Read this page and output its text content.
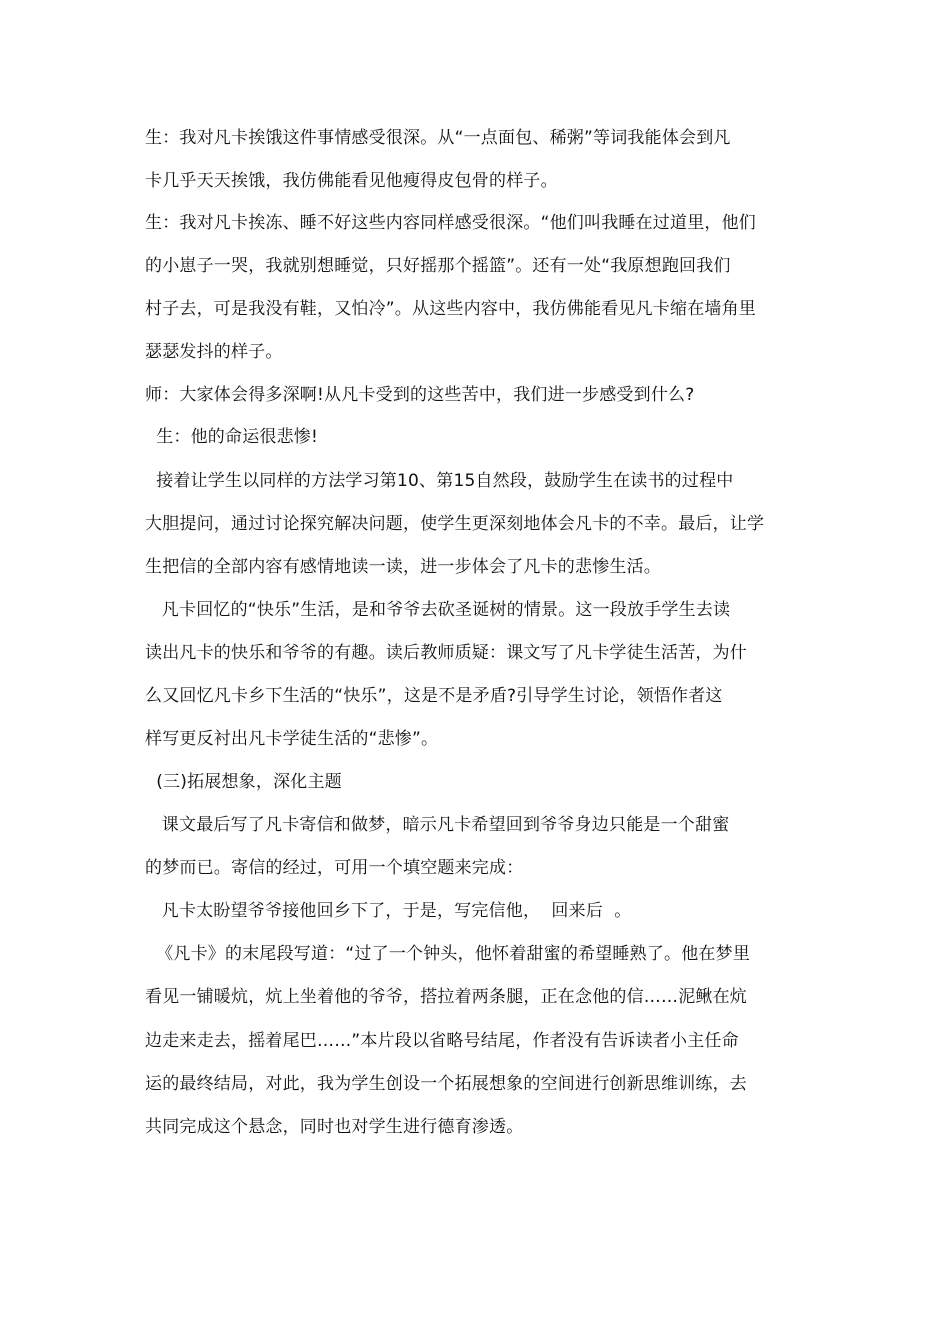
生：我对凡卡挨饿这件事情感受很深。从“一点面包、稀粥”等词我能体会到凡
卡几乎天天挨饿，我仿佛能看见他瘦得皮包骨的样子。
生：我对凡卡挨冻、睡不好这些内容同样感受很深。“他们叫我睡在过道里，他们
的小崽子一哭，我就别想睡觉，只好摇那个摇篮”。还有一处“我原想跑回我们
村子去，可是我没有鞋，又怕冷”。从这些内容中，我仿佛能看见凡卡缩在墙角里
瑟瑟发抖的样子。
师：大家体会得多深啊!从凡卡受到的这些苦中，我们进一步感受到什么?
生：他的命运很悲惨!
接着让学生以同样的方法学习第10、第15自然段，鼓励学生在读书的过程中
大胆提问，通过讨论探究解决问题，使学生更深刻地体会凡卡的不幸。最后，让学
生把信的全部内容有感情地读一读，进一步体会了凡卡的悲惨生活。
凡卡回忆的“快乐”生活，是和爷爷去砍圣诞树的情景。这一段放手学生去读
读出凡卡的快乐和爷爷的有趣。读后教师质疑：课文写了凡卡学徒生活苦，为什
么又回忆凡卡乡下生活的“快乐”，这是不是矛盾?引导学生讨论，领悟作者这
样写更反衬出凡卡学徒生活的“悲惨”。
(三)拓展想象，深化主题
课文最后写了凡卡寄信和做梦，暗示凡卡希望回到爷爷身边只能是一个甜蜜
的梦而已。寄信的经过，可用一个填空题来完成：
凡卡太盼望爷爷接他回乡下了，于是，写完信他，  回来后  。
《凡卡》的末尾段写道：“过了一个钟头，他怀着甜蜜的希望睡熟了。他在梦里
看见一铺暖炕，炕上坐着他的爷爷，搭拉着两条腿，正在念他的信……泥鳅在炕
边走来走去，摇着尾巴……”本片段以省略号结尾，作者没有告诉读者小主任命
运的最终结局，对此，我为学生创设一个拓展想象的空间进行创新思维训练，去
共同完成这个悬念，同时也对学生进行德育渗透。
